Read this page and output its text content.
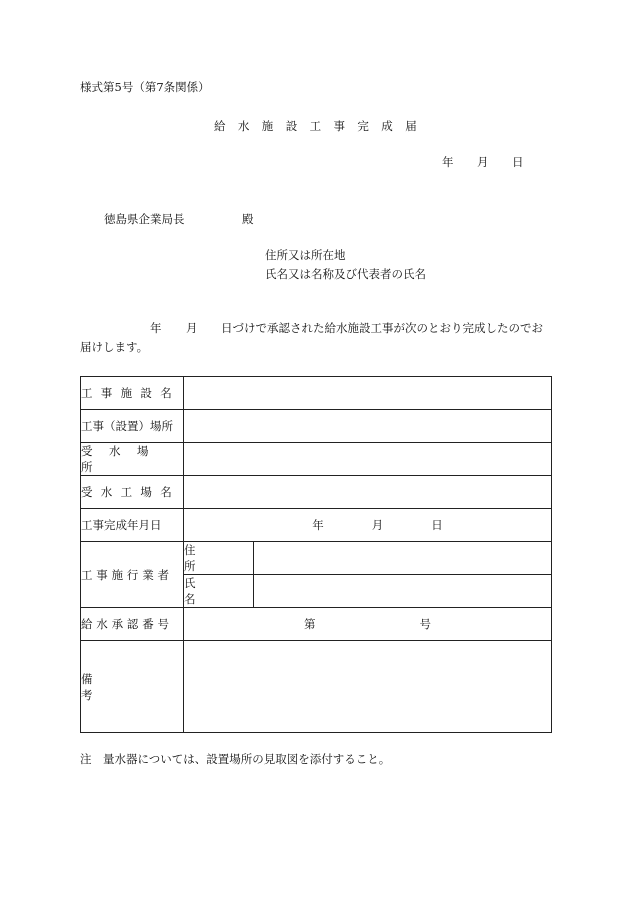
様式第5号（第7条関係）
給水施設工事完成届
年 月 日
徳島県企業局長	殿
住所又は所在地
氏名又は名称及び代表者の氏名
年 月 日づけで承認された給水施設工事が次のとおり完成したのでお
届けします。
工事施設名		

工事（設置）場所		

受水場所		

受水工場名		

工事完成年月日	年 月 日	

工事施行業者	住所	

	氏名	

給水承認番号	第 号	

備考		

注　量水器については、設置場所の見取図を添付すること。
